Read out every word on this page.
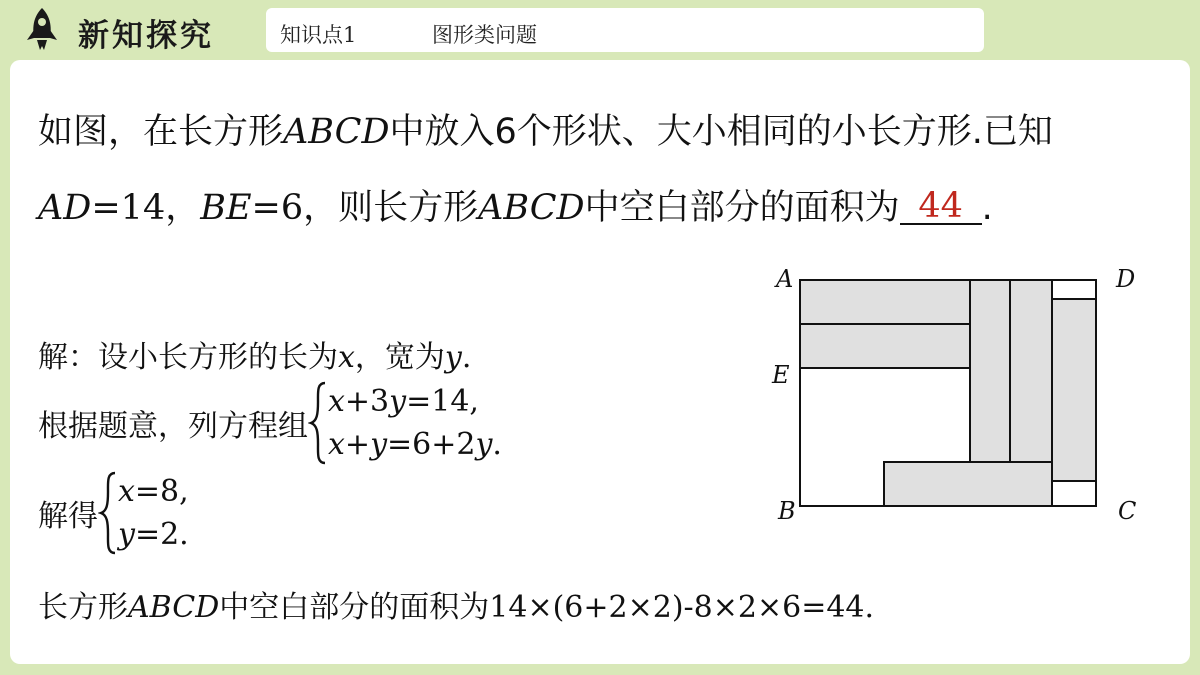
新知探究	知识点1	图形类问题
如图，在长方形ABCD中放入6个形状、大小相同的小长方形.已知AD=14，BE=6，则长方形ABCD中空白部分的面积为 44 .
解：设小长方形的长为x，宽为y.
根据题意，列方程组
x+3y=14,
x+y=6+2y.
解得
x=8,
y=2.
长方形ABCD中空白部分的面积为14×(6+2×2)-8×2×6=44.
A	D
E
B	C
